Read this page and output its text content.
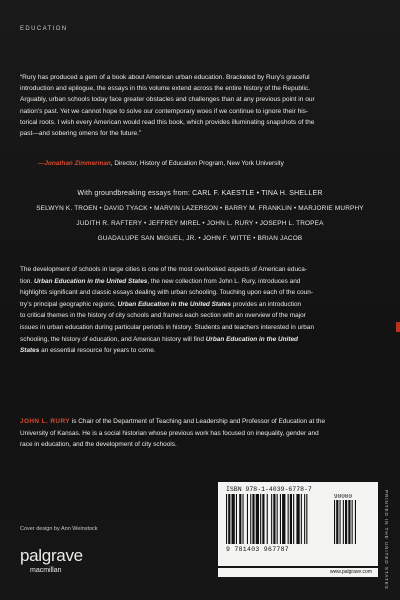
EDUCATION

“Rury has produced a gem of a book about American urban education. Bracketed by Rury’s graceful
introduction and epilogue, the essays in this volume extend across the entire history of the Republic.
Arguably, urban schools today face greater obstacles and challenges than at any previous point in our
nation’s past. Yet we cannot hope to solve our contemporary woes if we continue to ignore their his-
torical roots. I wish every American would read this book, which provides illuminating snapshots of the
past—and sobering omens for the future.”

—Jonathan Zimmerman, Director, History of Education Program, New York University
With groundbreaking essays from: CARL F. KAESTLE • TINA H. SHELLER
SELWYN K. TROEN • DAVID TYACK • MARVIN LAZERSON • BARRY M. FRANKLIN • MARJORIE MURPHY
JUDITH R. RAFTERY • JEFFREY MIREL • JOHN L. RURY • JOSEPH L. TROPEA
GUADALUPE SAN MIGUEL, JR. • JOHN F. WITTE • BRIAN JACOB

The development of schools in large cities is one of the most overlooked aspects of American educa-
tion. Urban Education in the United States, the new collection from John L. Rury, introduces and
highlights significant and classic essays dealing with urban schooling. Touching upon each of the coun-
try’s principal geographic regions, Urban Education in the United States provides an introduction
to critical themes in the history of city schools and frames each section with an overview of the major
issues in urban education during particular periods in history. Students and teachers interested in urban
schooling, the history of education, and American history will find Urban Education in the United
States an essential resource for years to come.

JOHN L. RURY is Chair of the Department of Teaching and Leadership and Professor of Education at the
University of Kansas. He is a social historian whose previous work has focused on inequality, gender and
race in education, and the development of city schools.

ISBN 978-1-4039-6778-7
90000
9 781403 967787
www.palgrave.com	PRINTED IN THE UNITED STATES
Cover design by Ann Weinstock
palgrave
macmillan
